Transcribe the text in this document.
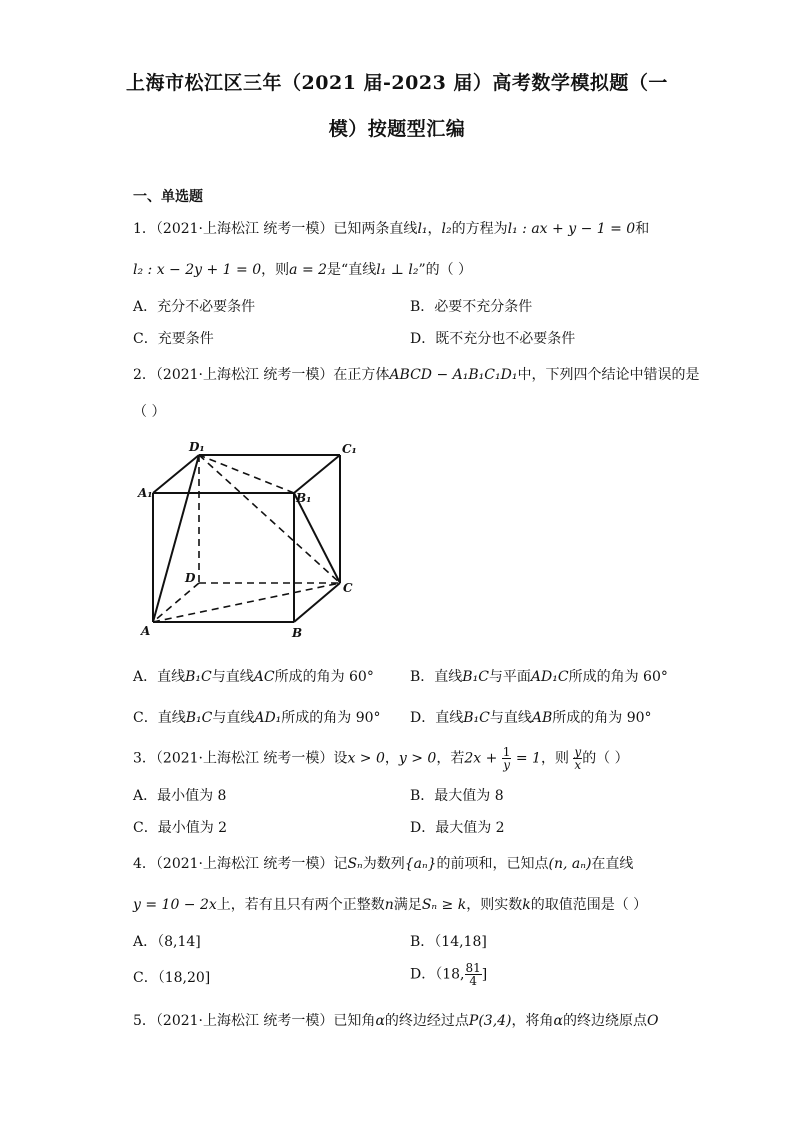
上海市松江区三年（2021 届-2023 届）高考数学模拟题（一
模）按题型汇编
一、单选题
1．（2021·上海松江 统考一模）已知两条直线l₁，l₂的方程为l₁ : ax + y − 1 = 0和
l₂ : x − 2y + 1 = 0，则a = 2是“直线l₁ ⊥ l₂”的（ ）
A．充分不必要条件	B．必要不充分条件
C．充要条件	D．既不充分也不必要条件
2．（2021·上海松江 统考一模）在正方体ABCD − A₁B₁C₁D₁中，下列四个结论中错误的是
（ ）
D₁	C₁
A₁	B₁
D
C
A	B
A．直线B₁C与直线AC所成的角为 60°	B．直线B₁C与平面AD₁C所成的角为 60°
C．直线B₁C与直线AD₁所成的角为 90° D．直线B₁C与直线AB所成的角为 90°
3．（2021·上海松江 统考一模）设x > 0，y > 0，若$2x + \frac{1}{y} = 1$，则 $\frac{y}{x}$ 的（ ）
A．最小值为 8	B．最大值为 8
C．最小值为 2	D．最大值为 2
4．（2021·上海松江 统考一模）记Sₙ为数列{aₙ}的前项和，已知点(n, aₙ)在直线
y = 10 − 2x上，若有且只有两个正整数n满足Sₙ ≥ k，则实数k的取值范围是（ ）
A．（8,14]	B．（14,18]
C．（18,20]	D．（18, $\frac{81}{4}$ ]
5．（2021·上海松江 统考一模）已知角α的终边经过点P(3,4)，将角α的终边绕原点O
